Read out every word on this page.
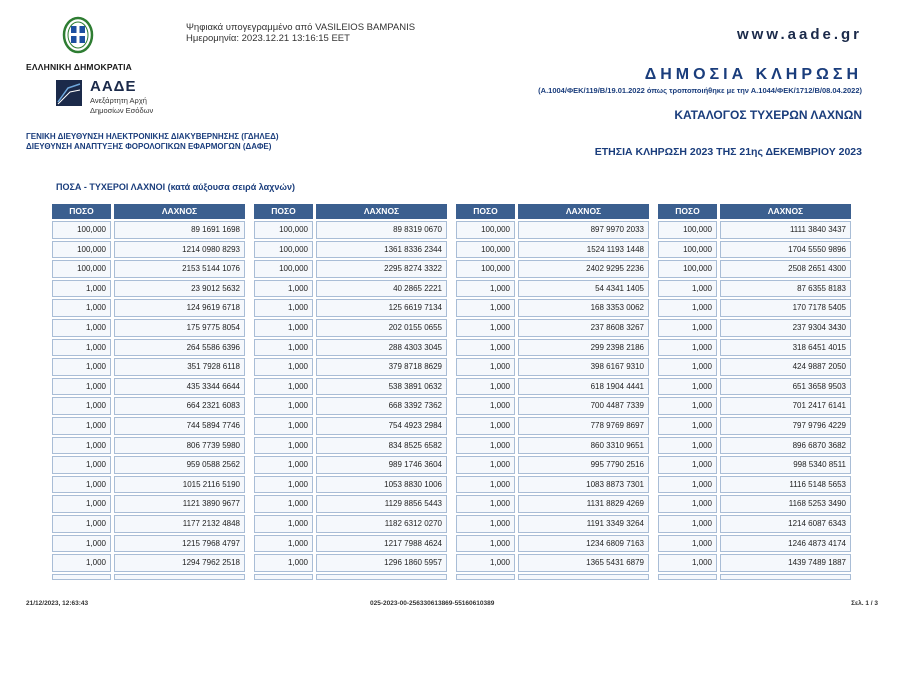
ΕΛΛΗΝΙΚΗ ΔΗΜΟΚΡΑΤΙΑ
ΑΑΔΕ
Ανεξάρτητη Αρχή
Δημοσίων Εσόδων
ΓΕΝΙΚΗ ΔΙΕΥΘΥΝΣΗ ΗΛΕΚΤΡΟΝΙΚΗΣ ΔΙΑΚΥΒΕΡΝΗΣΗΣ (ΓΔΗΛΕΔ)
ΔΙΕΥΘΥΝΣΗ ΑΝΑΠΤΥΞΗΣ ΦΟΡΟΛΟΓΙΚΩΝ ΕΦΑΡΜΟΓΩΝ (ΔΑΦΕ)
Ψηφιακά υπογεγραμμένο από VASILEIOS BAMPANIS
Ημερομηνία: 2023.12.21 13:16:15 EET	www.aade.gr
ΔΗΜΟΣΙΑ ΚΛΗΡΩΣΗ
(Α.1004/ΦΕΚ/119/Β/19.01.2022 όπως τροποποιήθηκε με την Α.1044/ΦΕΚ/1712/Β/08.04.2022)
ΚΑΤΑΛΟΓΟΣ ΤΥΧΕΡΩΝ ΛΑΧΝΩΝ
ΕΤΗΣΙΑ ΚΛΗΡΩΣΗ 2023 ΤΗΣ 21ης ΔΕΚΕΜΒΡΙΟΥ 2023
ΠΟΣΑ - ΤΥΧΕΡΟΙ ΛΑΧΝΟΙ (κατά αύξουσα σειρά λαχνών)
ΠΟΣΟ	ΛΑΧΝΟΣ
100,000	89 1691 1698
100,000	1214 0980 8293
100,000	2153 5144 1076
1,000	23 9012 5632
1,000	124 9619 6718
1,000	175 9775 8054
1,000	264 5586 6396
1,000	351 7928 6118
1,000	435 3344 6644
1,000	664 2321 6083
1,000	744 5894 7746
1,000	806 7739 5980
1,000	959 0588 2562
1,000	1015 2116 5190
1,000	1121 3890 9677
1,000	1177 2132 4848
1,000	1215 7968 4797
1,000	1294 7962 2518
ΠΟΣΟ	ΛΑΧΝΟΣ
100,000	89 8319 0670
100,000	1361 8336 2344
100,000	2295 8274 3322
1,000	40 2865 2221
1,000	125 6619 7134
1,000	202 0155 0655
1,000	288 4303 3045
1,000	379 8718 8629
1,000	538 3891 0632
1,000	668 3392 7362
1,000	754 4923 2984
1,000	834 8525 6582
1,000	989 1746 3604
1,000	1053 8830 1006
1,000	1129 8856 5443
1,000	1182 6312 0270
1,000	1217 7988 4624
1,000	1296 1860 5957
ΠΟΣΟ	ΛΑΧΝΟΣ
100,000	897 9970 2033
100,000	1524 1193 1448
100,000	2402 9295 2236
1,000	54 4341 1405
1,000	168 3353 0062
1,000	237 8608 3267
1,000	299 2398 2186
1,000	398 6167 9310
1,000	618 1904 4441
1,000	700 4487 7339
1,000	778 9769 8697
1,000	860 3310 9651
1,000	995 7790 2516
1,000	1083 8873 7301
1,000	1131 8829 4269
1,000	1191 3349 3264
1,000	1234 6809 7163
1,000	1365 5431 6879
ΠΟΣΟ	ΛΑΧΝΟΣ
100,000	1111 3840 3437
100,000	1704 5550 9896
100,000	2508 2651 4300
1,000	87 6355 8183
1,000	170 7178 5405
1,000	237 9304 3430
1,000	318 6451 4015
1,000	424 9887 2050
1,000	651 3658 9503
1,000	701 2417 6141
1,000	797 9796 4229
1,000	896 6870 3682
1,000	998 5340 8511
1,000	1116 5148 5653
1,000	1168 5253 3490
1,000	1214 6087 6343
1,000	1246 4873 4174
1,000	1439 7489 1887
21/12/2023, 12:63:43	025-2023-00-256330613869-55160610389	Σελ. 1 / 3
